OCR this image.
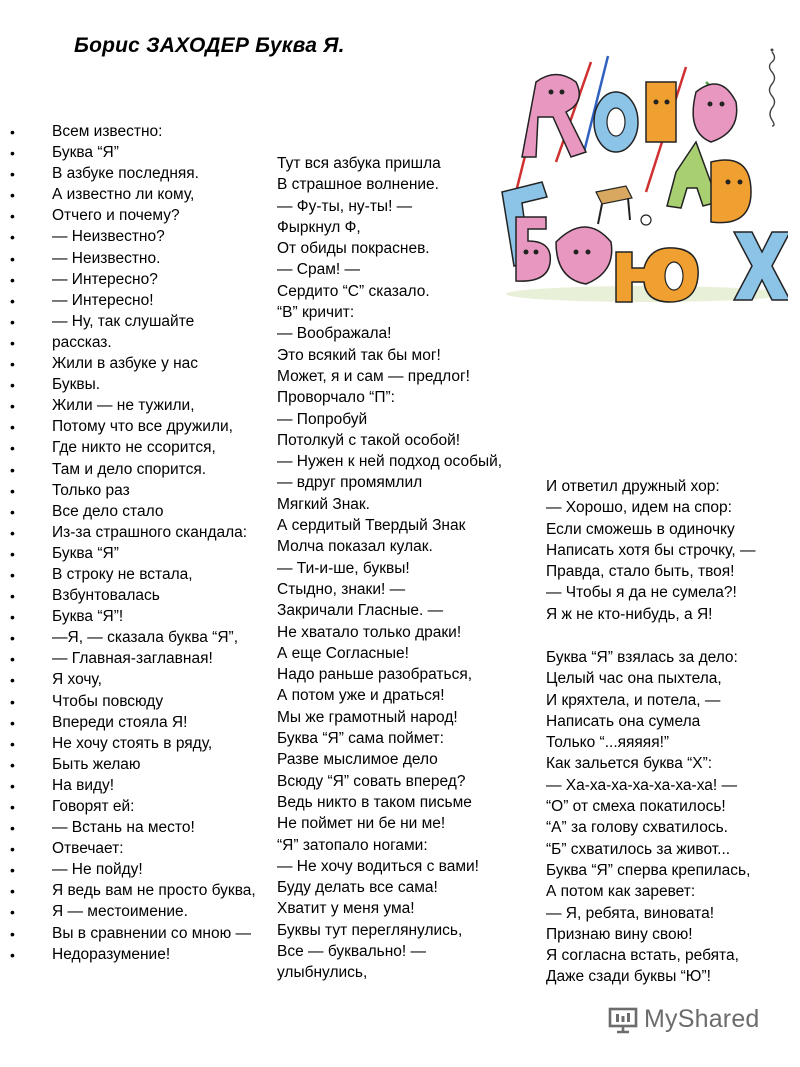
Борис ЗАХОДЕР Буква Я.
• Всем известно:
• Буква “Я”
• В азбуке последняя.
• А известно ли кому,
• Отчего и почему?
• — Неизвестно?
• — Неизвестно.
• — Интересно?
• — Интересно!
• — Ну, так слушайте
• рассказ.
• Жили в азбуке у нас
• Буквы.
• Жили — не тужили,
• Потому что все дружили,
• Где никто не ссорится,
• Там и дело спорится.
• Только раз
• Все дело стало
• Из-за страшного скандала:
• Буква “Я”
• В строку не встала,
• Взбунтовалась
• Буква “Я”!
• —Я, — сказала буква “Я”,
• — Главная-заглавная!
• Я хочу,
• Чтобы повсюду
• Впереди стояла Я!
• Не хочу стоять в ряду,
• Быть желаю
• На виду!
• Говорят ей:
• — Встань на место!
• Отвечает:
• — Не пойду!
• Я ведь вам не просто буква,
• Я — местоимение.
• Вы в сравнении со мною —
• Недоразумение!
Тут вся азбука пришла
В страшное волнение.
— Фу-ты, ну-ты! —
Фыркнул Ф,
От обиды покраснев.
— Срам! —
Сердито “С” сказало.
“В” кричит:
— Воображала!
Это всякий так бы мог!
Может, я и сам — предлог!
Проворчало “П”:
— Попробуй
Потолкуй с такой особой!
— Нужен к ней подход особый,
— вдруг промямлил
Мягкий Знак.
А сердитый Твердый Знак
Молча показал кулак.
— Ти-и-ше, буквы!
Стыдно, знаки! —
Закричали Гласные. —
Не хватало только драки!
А еще Согласные!
Надо раньше разобраться,
А потом уже и драться!
Мы же грамотный народ!
Буква “Я” сама поймет:
Разве мыслимое дело
Всюду “Я” совать вперед?
Ведь никто в таком письме
Не поймет ни бе ни ме!
“Я” затопало ногами:
— Не хочу водиться с вами!
Буду делать все сама!
Хватит у меня ума!
Буквы тут переглянулись,
Все — буквально! —
улыбнулись,
И ответил дружный хор:
— Хорошо, идем на спор:
Если сможешь в одиночку
Написать хотя бы строчку, —
Правда, стало быть, твоя!
— Чтобы я да не сумела?!
Я ж не кто-нибудь, а Я!
Буква “Я” взялась за дело:
Целый час она пыхтела,
И кряхтела, и потела, —
Написать она сумела
Только “...яяяяя!”
Как зальется буква “Х”:
— Ха-ха-ха-ха-ха-ха-ха! —
“О” от смеха покатилось!
“А” за голову схватилось.
“Б” схватилось за живот...
Буква “Я” сперва крепилась,
А потом как заревет:
— Я, ребята, виновата!
Признаю вину свою!
Я согласна встать, ребята,
Даже сзади буквы “Ю”!
MyShared
